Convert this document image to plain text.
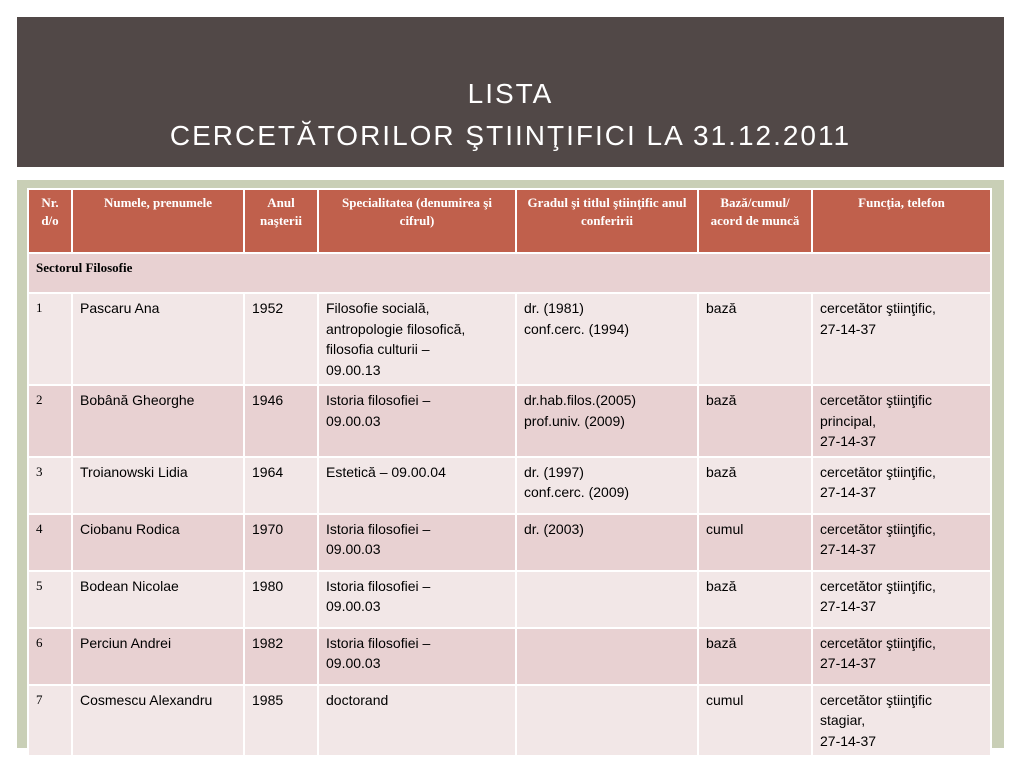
LISTA
CERCETĂTORILOR ŞTIINŢIFICI LA 31.12.2011
Nr. d/o	Numele, prenumele	Anul naşterii	Specialitatea (denumirea şi cifrul)	Gradul şi titlul ştiinţific anul conferirii	Bază/cumul/ acord de muncă	Funcţia, telefon
Sectorul Filosofie						
1	Pascaru Ana	1952	Filosofie socială,
antropologie filosofică,
filosofia culturii –
09.00.13	dr. (1981)
conf.cerc. (1994)	bază	cercetător ştiinţific,
27-14-37

2	Bobână Gheorghe	1946	Istoria filosofiei –
09.00.03	dr.hab.filos.(2005)
prof.univ. (2009)	bază	cercetător ştiinţific
principal,
27-14-37

3	Troianowski Lidia	1964	Estetică – 09.00.04	dr. (1997)
conf.cerc. (2009)	bază	cercetător ştiinţific,
27-14-37

4	Ciobanu Rodica	1970	Istoria filosofiei –
09.00.03	dr. (2003)	cumul	cercetător ştiinţific,
27-14-37

5	Bodean Nicolae	1980	Istoria filosofiei –
09.00.03		bază	cercetător ştiinţific,
27-14-37

6	Perciun Andrei	1982	Istoria filosofiei –
09.00.03		bază	cercetător ştiinţific,
27-14-37

7	Cosmescu Alexandru	1985	doctorand		cumul	cercetător ştiinţific
stagiar,
27-14-37
